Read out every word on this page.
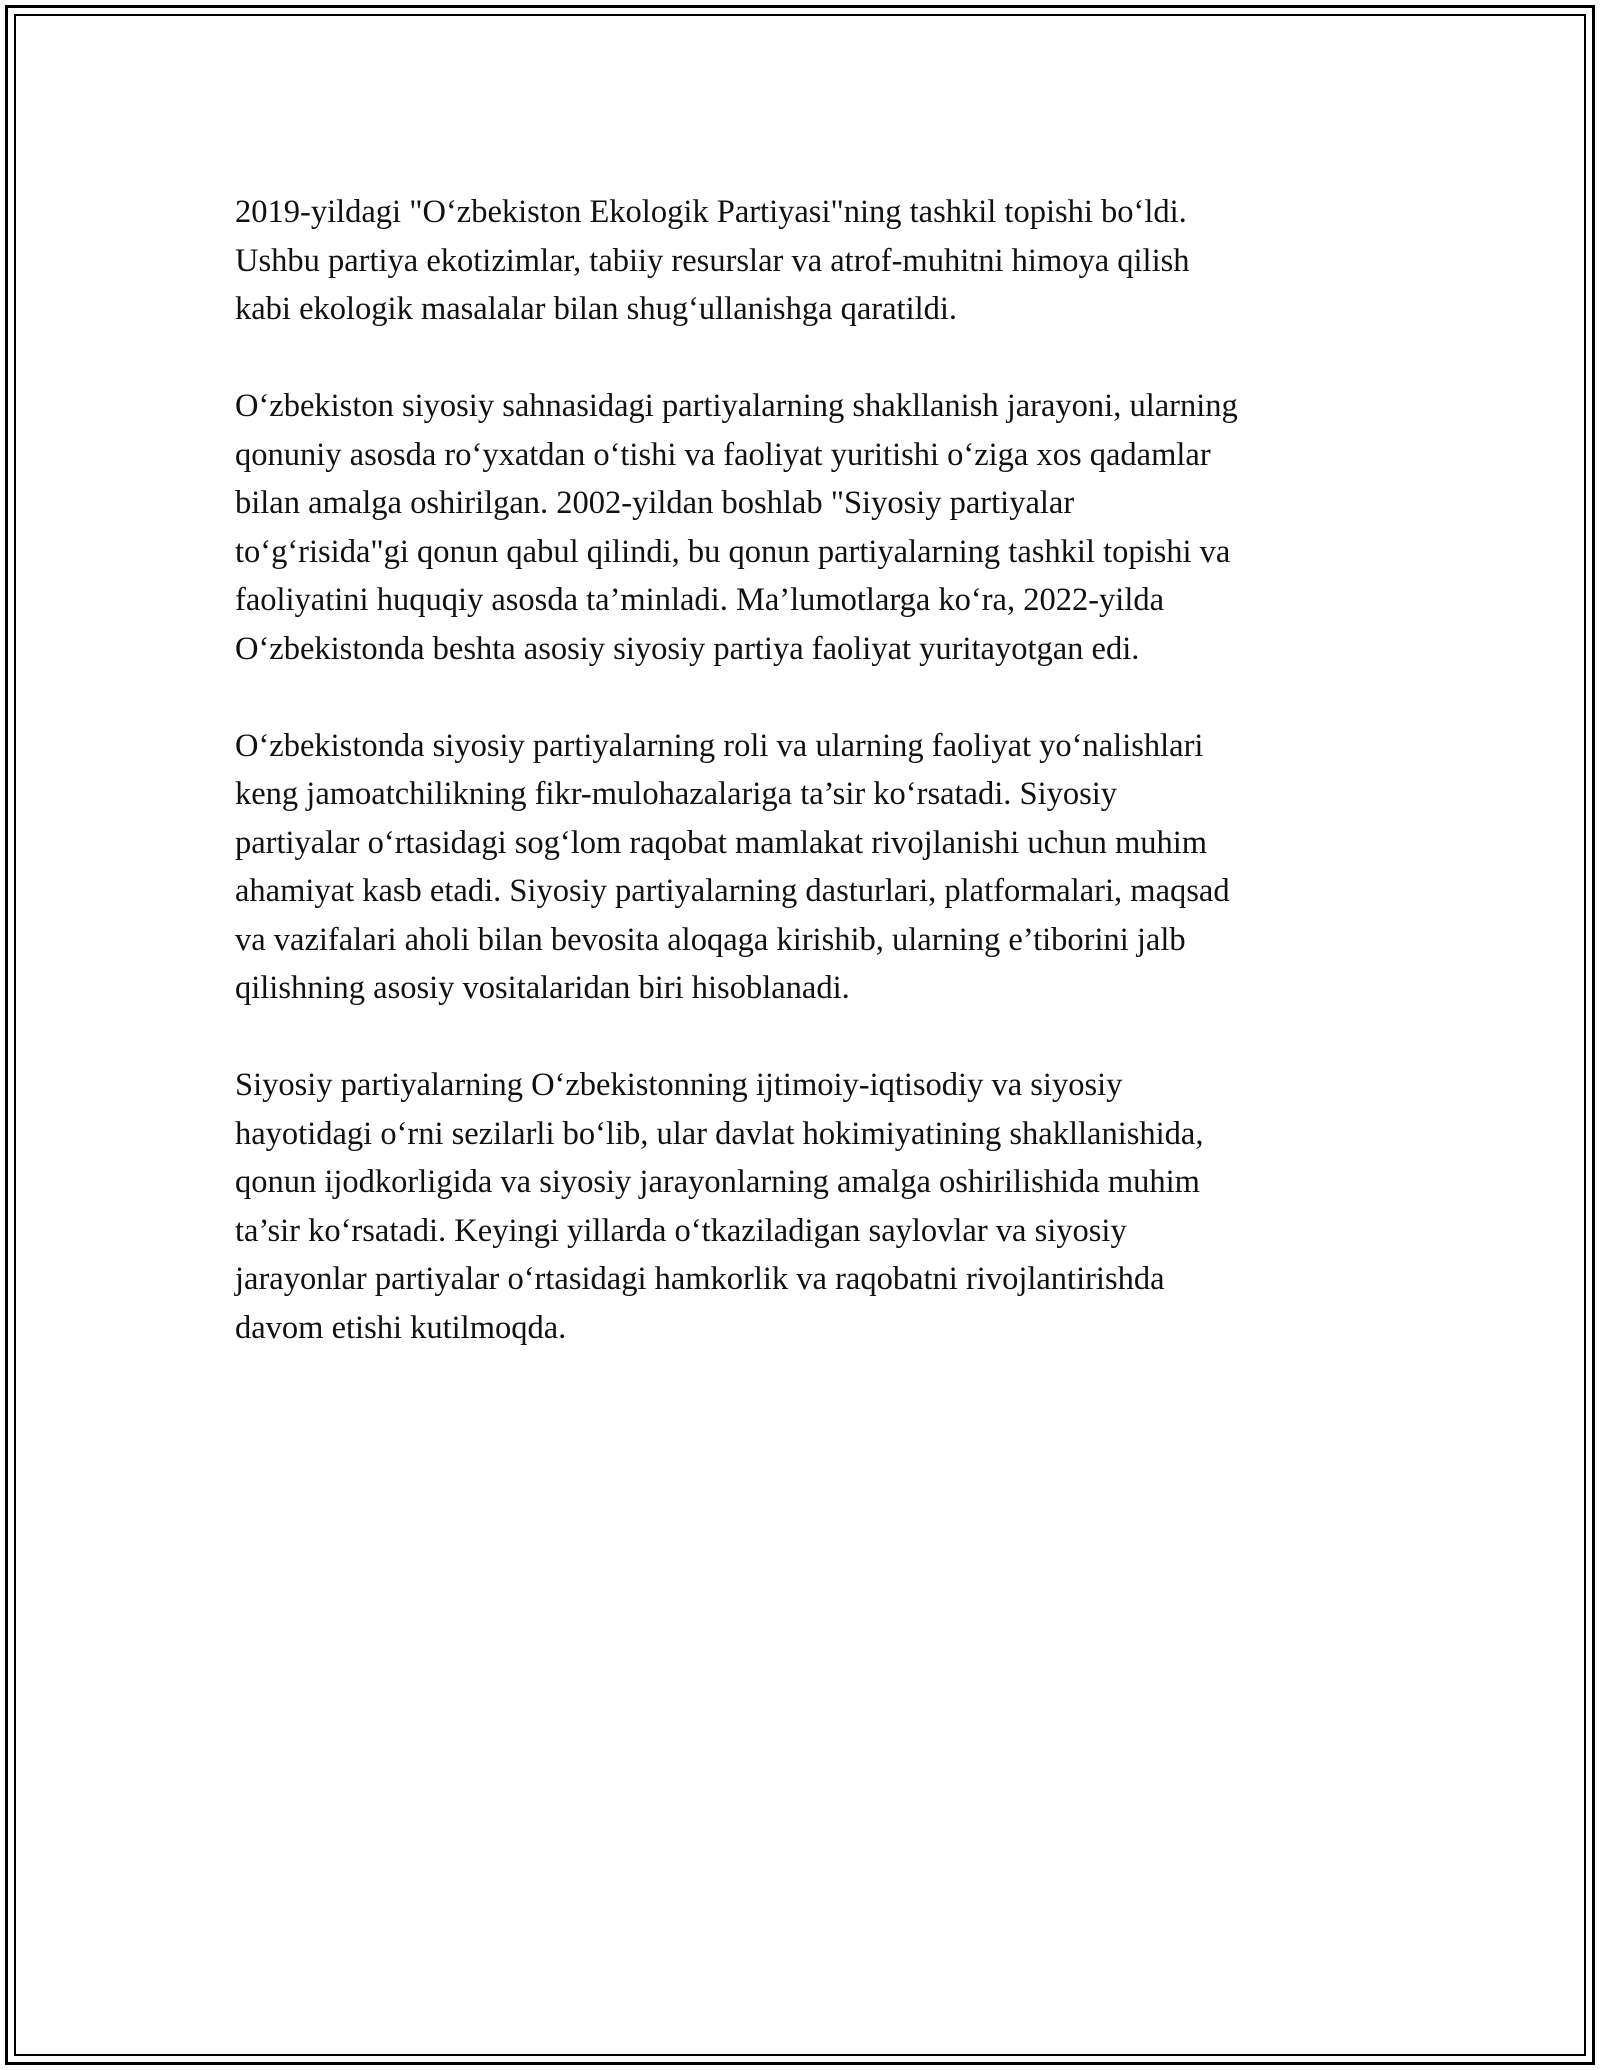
2019-yildagi "O‘zbekiston Ekologik Partiyasi"ning tashkil topishi bo‘ldi.
Ushbu partiya ekotizimlar, tabiiy resurslar va atrof-muhitni himoya qilish
kabi ekologik masalalar bilan shug‘ullanishga qaratildi.

O‘zbekiston siyosiy sahnasidagi partiyalarning shakllanish jarayoni, ularning
qonuniy asosda ro‘yxatdan o‘tishi va faoliyat yuritishi o‘ziga xos qadamlar
bilan amalga oshirilgan. 2002-yildan boshlab "Siyosiy partiyalar
to‘g‘risida"gi qonun qabul qilindi, bu qonun partiyalarning tashkil topishi va
faoliyatini huquqiy asosda ta’minladi. Ma’lumotlarga ko‘ra, 2022-yilda
O‘zbekistonda beshta asosiy siyosiy partiya faoliyat yuritayotgan edi.

O‘zbekistonda siyosiy partiyalarning roli va ularning faoliyat yo‘nalishlari
keng jamoatchilikning fikr-mulohazalariga ta’sir ko‘rsatadi. Siyosiy
partiyalar o‘rtasidagi sog‘lom raqobat mamlakat rivojlanishi uchun muhim
ahamiyat kasb etadi. Siyosiy partiyalarning dasturlari, platformalari, maqsad
va vazifalari aholi bilan bevosita aloqaga kirishib, ularning e’tiborini jalb
qilishning asosiy vositalaridan biri hisoblanadi.

Siyosiy partiyalarning O‘zbekistonning ijtimoiy-iqtisodiy va siyosiy
hayotidagi o‘rni sezilarli bo‘lib, ular davlat hokimiyatining shakllanishida,
qonun ijodkorligida va siyosiy jarayonlarning amalga oshirilishida muhim
ta’sir ko‘rsatadi. Keyingi yillarda o‘tkaziladigan saylovlar va siyosiy
jarayonlar partiyalar o‘rtasidagi hamkorlik va raqobatni rivojlantirishda
davom etishi kutilmoqda.
